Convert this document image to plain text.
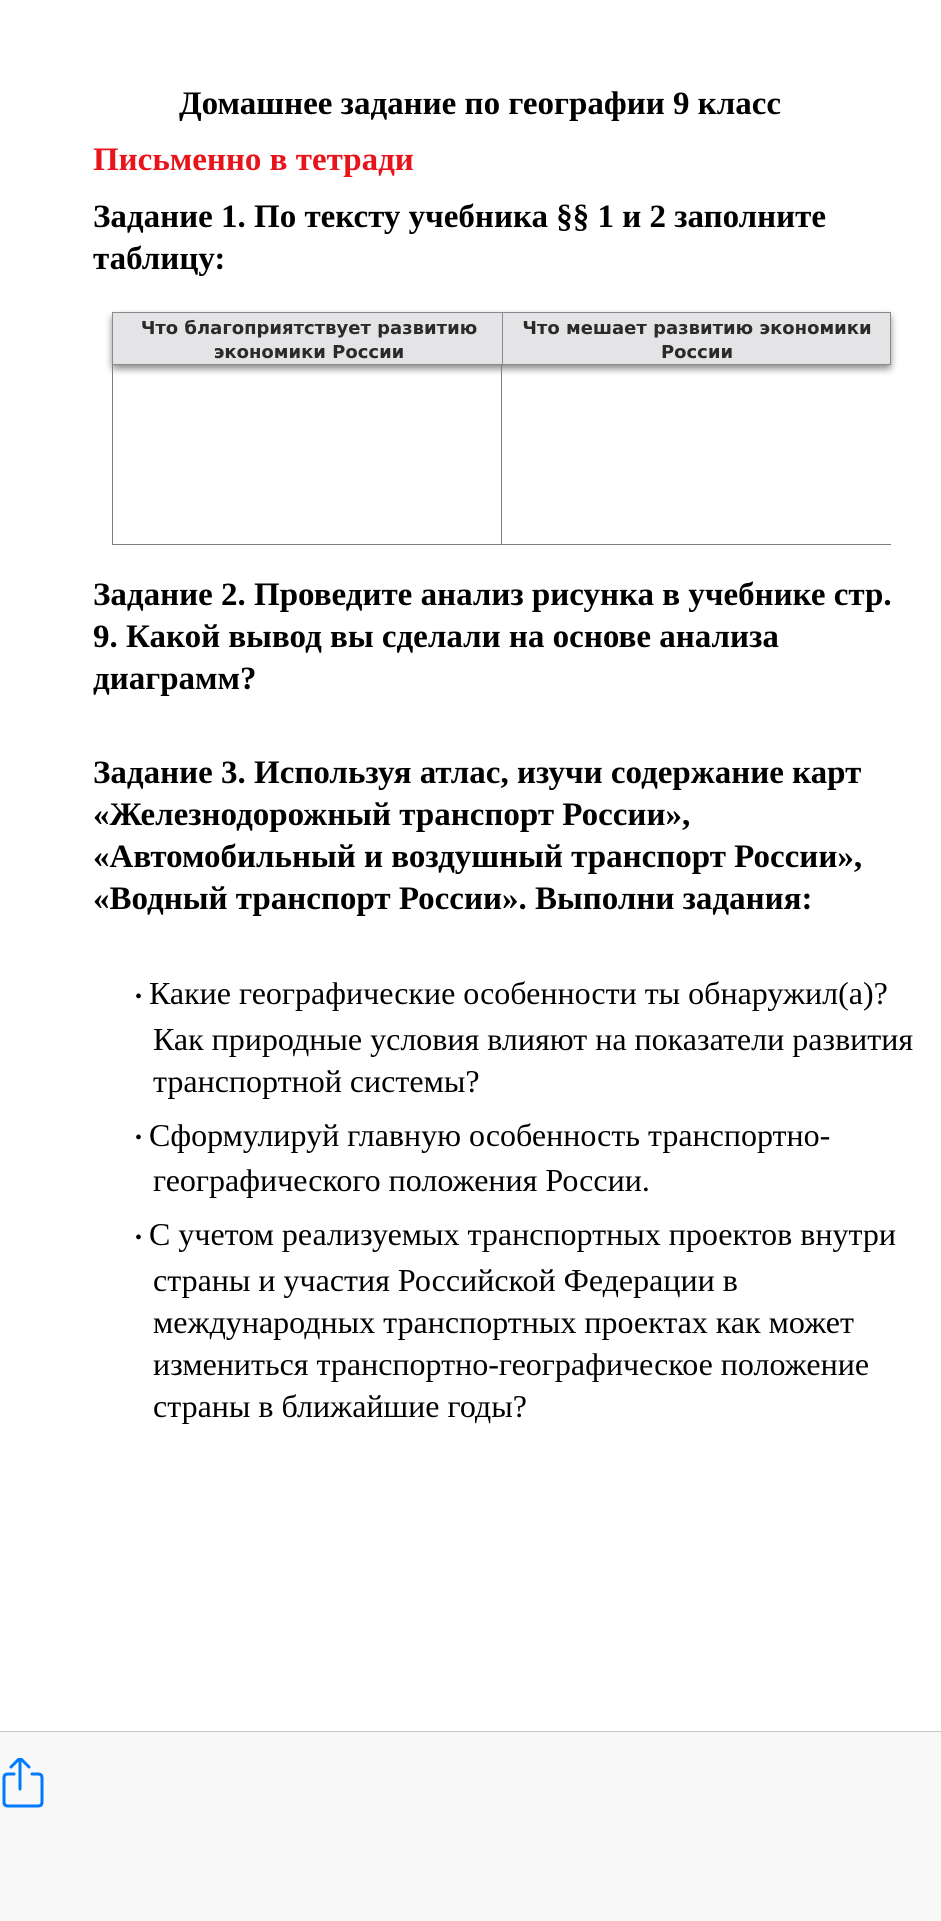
Домашнее задание по географии 9 класс
Письменно в тетради
Задание 1. По тексту учебника §§ 1 и 2 заполните таблицу:
Что благоприятствует развитию экономики России
Что мешает развитию экономики России
Задание 2. Проведите анализ рисунка в учебнике стр. 9. Какой вывод вы сделали на основе анализа диаграмм?
Задание 3. Используя атлас, изучи содержание карт «Железнодорожный транспорт России», «Автомобильный и воздушный транспорт России», «Водный транспорт России». Выполни задания:
• Какие географические особенности ты обнаружил(а)? Как природные условия влияют на показатели развития транспортной системы?
• Сформулируй главную особенность транспортно-географического положения России.
• С учетом реализуемых транспортных проектов внутри страны и участия Российской Федерации в международных транспортных проектах как может измениться транспортно-географическое положение страны в ближайшие годы?
